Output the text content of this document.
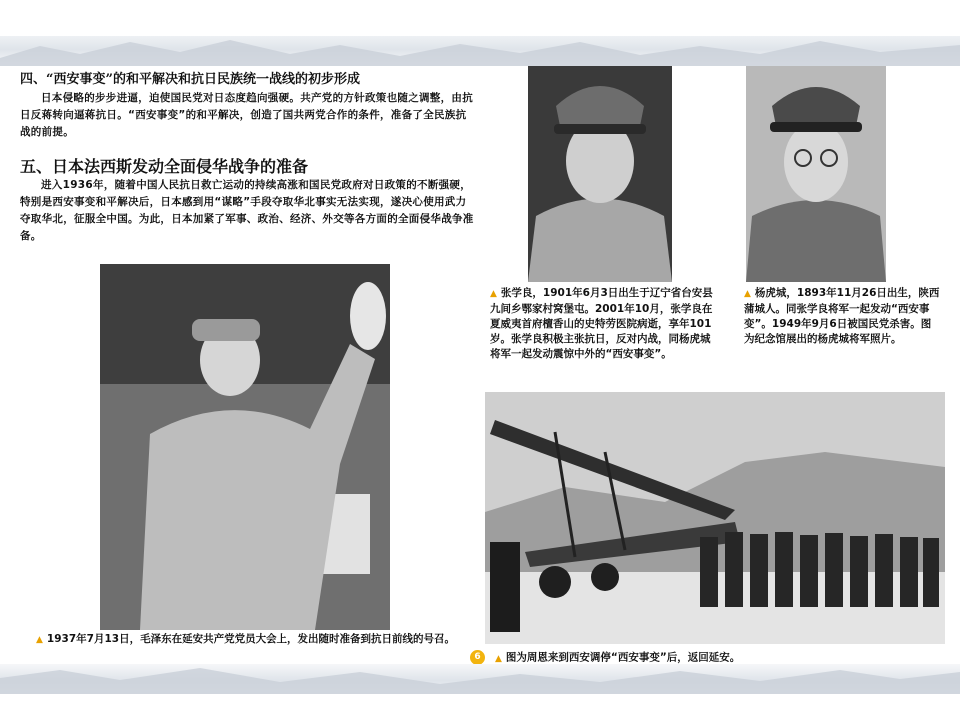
四、“西安事变”的和平解决和抗日民族统一战线的初步形成

日本侵略的步步进逼，迫使国民党对日态度趋向强硬。共产党的方针政策也随之调整，由抗日反蒋转向逼蒋抗日。“西安事变”的和平解决，创造了国共两党合作的条件，准备了全民族抗战的前提。

五、日本法西斯发动全面侵华战争的准备

进入1936年，随着中国人民抗日救亡运动的持续高涨和国民党政府对日政策的不断强硬，特别是西安事变和平解决后，日本感到用“谋略”手段夺取华北事实无法实现，遂决心使用武力夺取华北，征服全中国。为此，日本加紧了军事、政治、经济、外交等各方面的全面侵华战争准备。

▲ 1937年7月13日，毛泽东在延安共产党党员大会上，发出随时准备到抗日前线的号召。

▲ 张学良，1901年6月3日出生于辽宁省台安县九间乡鄂家村窝堡屯。2001年10月，张学良在夏威夷首府檀香山的史特劳医院病逝，享年101岁。张学良积极主张抗日，反对内战，同杨虎城将军一起发动震惊中外的“西安事变”。

▲ 杨虎城，1893年11月26日出生，陕西蒲城人。同张学良将军一起发动“西安事变”。1949年9月6日被国民党杀害。图为纪念馆展出的杨虎城将军照片。

6 ▲ 图为周恩来到西安调停“西安事变”后，返回延安。
